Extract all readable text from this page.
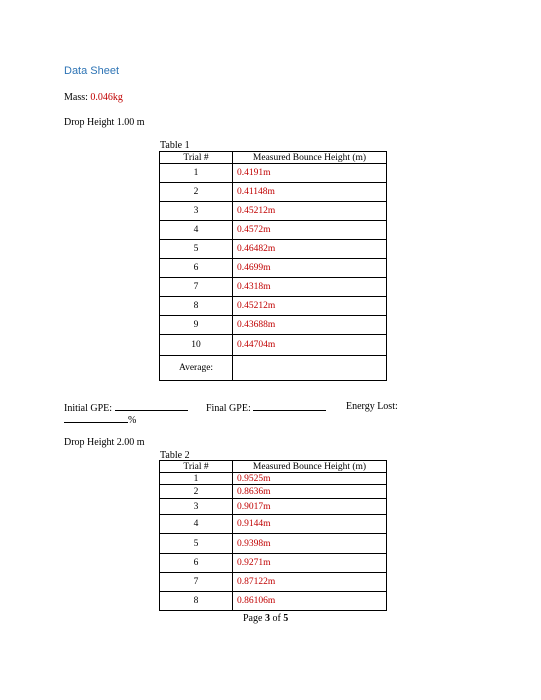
Data Sheet
Mass: 0.046kg
Drop Height 1.00 m
Table 1
Trial #	Measured Bounce Height (m)
1	0.4191m
2	0.41148m
3	0.45212m
4	0.4572m
5	0.46482m
6	0.4699m
7	0.4318m
8	0.45212m
9	0.43688m
10	0.44704m
Average:	
Initial GPE:	Final GPE:	Energy Lost:
%
Drop Height 2.00 m
Table 2
Trial #	Measured Bounce Height (m)
1	0.9525m
2	0.8636m
3	0.9017m
4	0.9144m
5	0.9398m
6	0.9271m
7	0.87122m
8	0.86106m
Page 3 of 5
